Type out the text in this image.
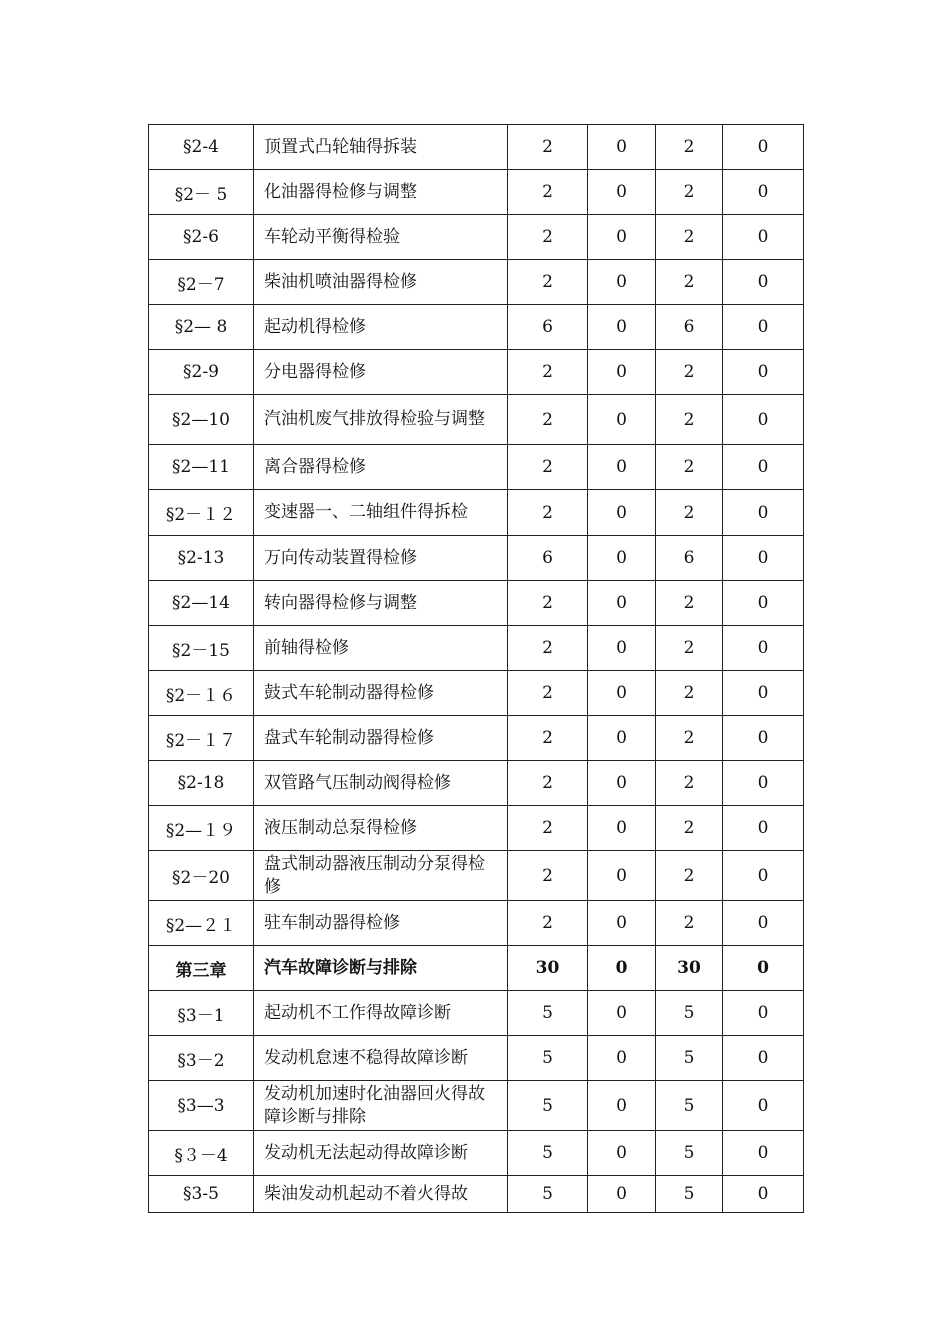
§2-4	顶置式凸轮轴得拆装	2	0	2	0
§2－ 5	化油器得检修与调整	2	0	2	0
§2-6	车轮动平衡得检验	2	0	2	0
§2－7	柴油机喷油器得检修	2	0	2	0
§2— 8	起动机得检修	6	0	6	0
§2-9	分电器得检修	2	0	2	0
§2—10	汽油机废气排放得检验与调整	2	0	2	0
§2—11	离合器得检修	2	0	2	0
§2－１２	变速器一、二轴组件得拆检	2	0	2	0
§2-13	万向传动装置得检修	6	0	6	0
§2—14	转向器得检修与调整	2	0	2	0
§2－15	前轴得检修	2	0	2	0
§2－１６	鼓式车轮制动器得检修	2	0	2	0
§2－１７	盘式车轮制动器得检修	2	0	2	0
§2-18	双管路气压制动阀得检修	2	0	2	0
§2—１９	液压制动总泵得检修	2	0	2	0
§2－20	盘式制动器液压制动分泵得检修	2	0	2	0
§2—２１	驻车制动器得检修	2	0	2	0
第三章	汽车故障诊断与排除	30	0	30	0
§3－1	起动机不工作得故障诊断	5	0	5	0
§3－2	发动机怠速不稳得故障诊断	5	0	5	0
§3—3	发动机加速时化油器回火得故障诊断与排除	5	0	5	0
§３－4	发动机无法起动得故障诊断	5	0	5	0
§3-5	柴油发动机起动不着火得故	5	0	5	0
